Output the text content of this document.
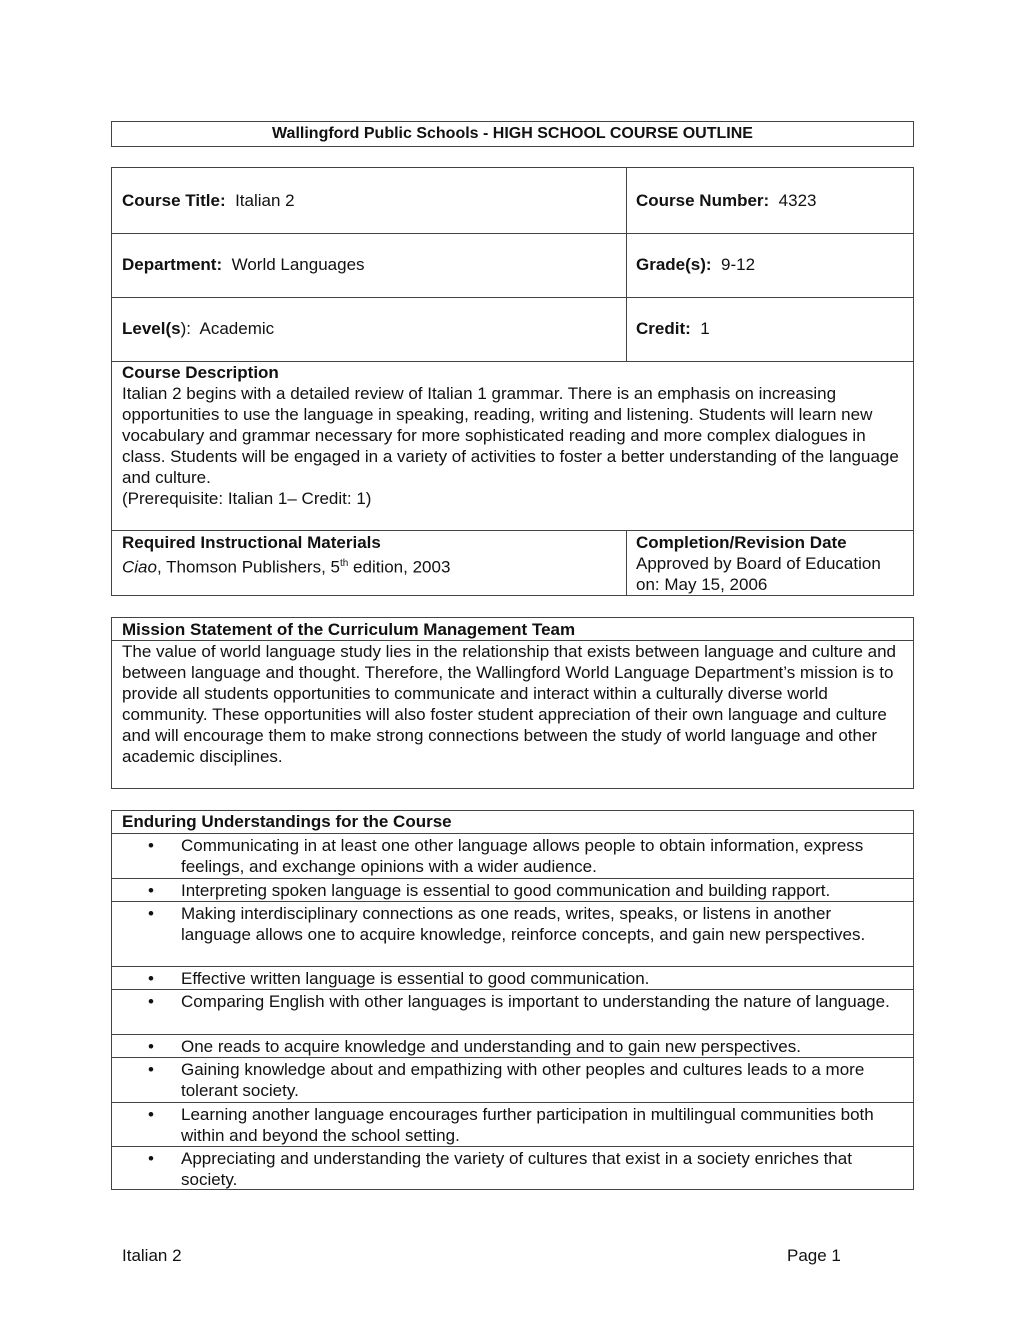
Wallingford Public Schools - HIGH SCHOOL COURSE OUTLINE
Course Title: Italian 2	Course Number: 4323
Department: World Languages	Grade(s): 9-12
Level(s):  Academic	Credit: 1
Course Description
Italian 2 begins with a detailed review of Italian 1 grammar. There is an emphasis on increasing opportunities to use the language in speaking, reading, writing and listening. Students will learn new vocabulary and grammar necessary for more sophisticated reading and more complex dialogues in class. Students will be engaged in a variety of activities to foster a better understanding of the language and culture.
(Prerequisite: Italian 1– Credit: 1)
Required Instructional Materials
Ciao, Thomson Publishers, 5th edition, 2003
Completion/Revision Date
Approved by Board of Education on: May 15, 2006
Mission Statement of the Curriculum Management Team
The value of world language study lies in the relationship that exists between language and culture and between language and thought. Therefore, the Wallingford World Language Department’s mission is to provide all students opportunities to communicate and interact within a culturally diverse world community. These opportunities will also foster student appreciation of their own language and culture and will encourage them to make strong connections between the study of world language and other academic disciplines.
Enduring Understandings for the Course
• Communicating in at least one other language allows people to obtain information, express feelings, and exchange opinions with a wider audience.
• Interpreting spoken language is essential to good communication and building rapport.
• Making interdisciplinary connections as one reads, writes, speaks, or listens in another language allows one to acquire knowledge, reinforce concepts, and gain new perspectives.
• Effective written language is essential to good communication.
• Comparing English with other languages is important to understanding the nature of language.
• One reads to acquire knowledge and understanding and to gain new perspectives.
• Gaining knowledge about and empathizing with other peoples and cultures leads to a more tolerant society.
• Learning another language encourages further participation in multilingual communities both within and beyond the school setting.
• Appreciating and understanding the variety of cultures that exist in a society enriches that society.
Italian 2	Page 1
